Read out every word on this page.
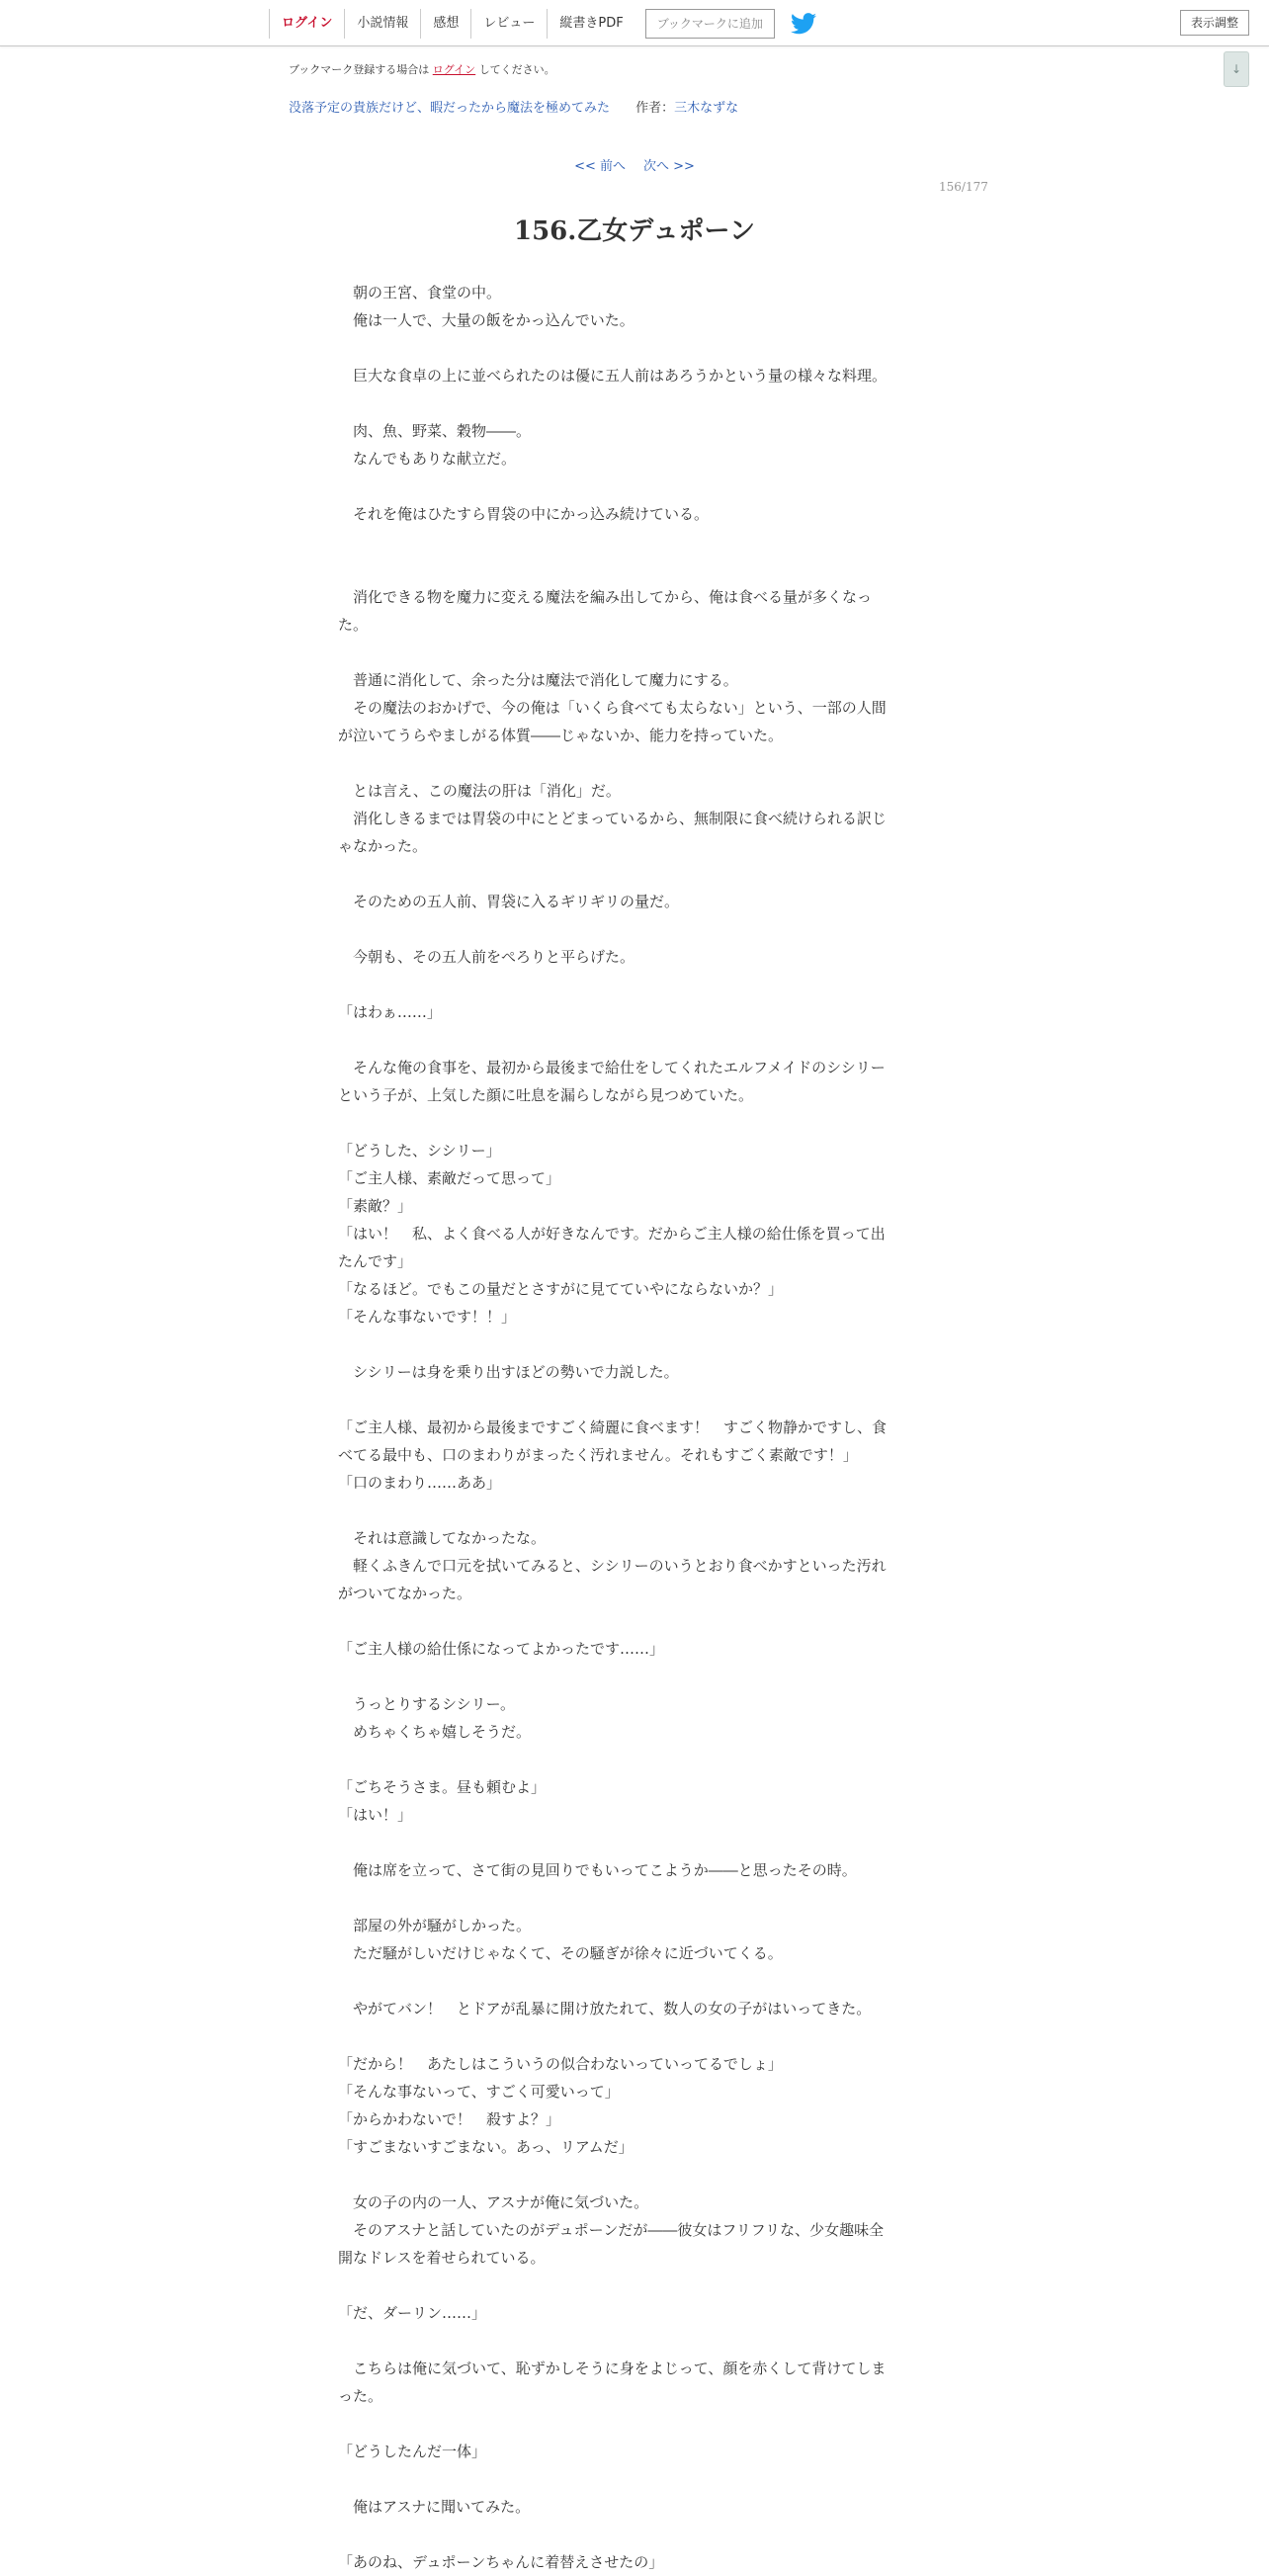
ログイン	小説情報	感想	レビュー	縦書きPDF	ブックマークに追加	表示調整
↓
ブックマーク登録する場合は ログイン してください。
没落予定の貴族だけど、暇だったから魔法を極めてみた 作者：三木なずな
<< 前へ 次へ >>
156/177
156.乙女デュポーン

　朝の王宮、食堂の中。

　俺は一人で、大量の飯をかっ込んでいた。

　巨大な食卓の上に並べられたのは優に五人前はあろうかという量の様々な料理。

　肉、魚、野菜、穀物――。

　なんでもありな献立だ。

　それを俺はひたすら胃袋の中にかっ込み続けている。

　消化できる物を魔力に変える魔法を編み出してから、俺は食べる量が多くなっ

た。

　普通に消化して、余った分は魔法で消化して魔力にする。

　その魔法のおかげで、今の俺は「いくら食べても太らない」という、一部の人間

が泣いてうらやましがる体質――じゃないか、能力を持っていた。

　とは言え、この魔法の肝は「消化」だ。

　消化しきるまでは胃袋の中にとどまっているから、無制限に食べ続けられる訳じ

ゃなかった。

　そのための五人前、胃袋に入るギリギリの量だ。

　今朝も、その五人前をぺろりと平らげた。

「はわぁ……」

　そんな俺の食事を、最初から最後まで給仕をしてくれたエルフメイドのシシリー

という子が、上気した顔に吐息を漏らしながら見つめていた。

「どうした、シシリー」

「ご主人様、素敵だって思って」

「素敵？」

「はい！　私、よく食べる人が好きなんです。だからご主人様の給仕係を買って出

たんです」

「なるほど。でもこの量だとさすがに見てていやにならないか？」

「そんな事ないです！！」

　シシリーは身を乗り出すほどの勢いで力説した。

「ご主人様、最初から最後まですごく綺麗に食べます！　すごく物静かですし、食

べてる最中も、口のまわりがまったく汚れません。それもすごく素敵です！」

「口のまわり……ああ」

　それは意識してなかったな。

　軽くふきんで口元を拭いてみると、シシリーのいうとおり食べかすといった汚れ

がついてなかった。

「ご主人様の給仕係になってよかったです……」

　うっとりするシシリー。

　めちゃくちゃ嬉しそうだ。

「ごちそうさま。昼も頼むよ」

「はい！」

　俺は席を立って、さて街の見回りでもいってこようか――と思ったその時。

　部屋の外が騒がしかった。

　ただ騒がしいだけじゃなくて、その騒ぎが徐々に近づいてくる。

　やがてバン！　とドアが乱暴に開け放たれて、数人の女の子がはいってきた。

「だから！　あたしはこういうの似合わないっていってるでしょ」

「そんな事ないって、すごく可愛いって」

「からかわないで！　殺すよ？」

「すごまないすごまない。あっ、リアムだ」

　女の子の内の一人、アスナが俺に気づいた。

　そのアスナと話していたのがデュポーンだが――彼女はフリフリな、少女趣味全

開なドレスを着せられている。

「だ、ダーリン……」

　こちらは俺に気づいて、恥ずかしそうに身をよじって、顔を赤くして背けてしま

った。

「どうしたんだ一体」

　俺はアスナに聞いてみた。

「あのね、デュポーンちゃんに着替えさせたの」
